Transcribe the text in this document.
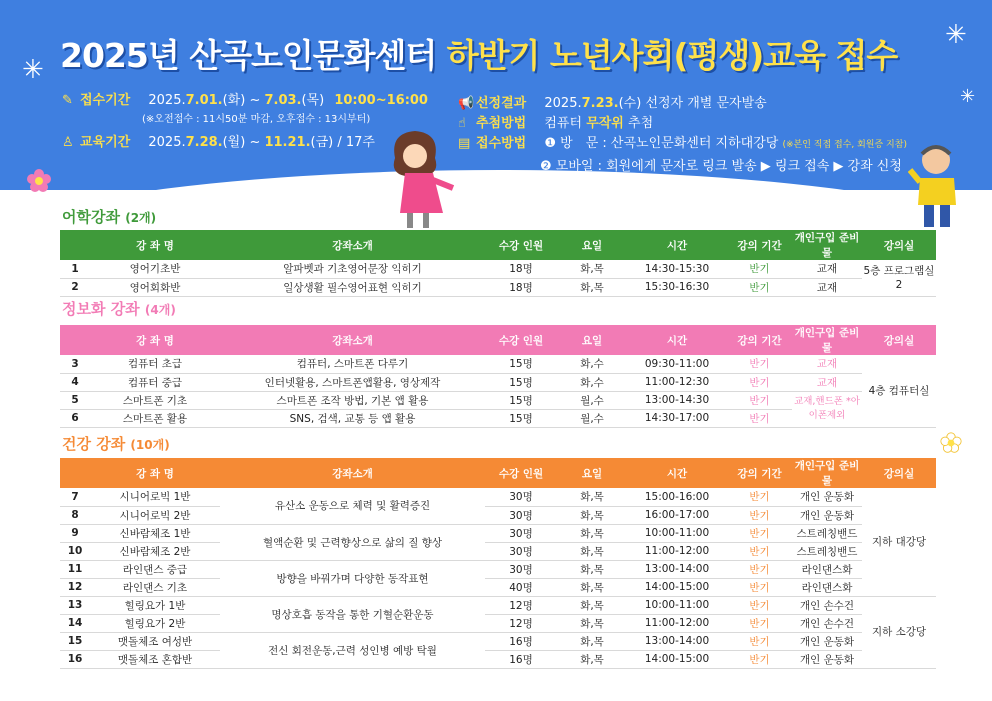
✳
✳
✳
2025년 산곡노인문화센터 하반기 노년사회(평생)교육 접수
✎ 접수기간 2025.7.01.(화) ~ 7.03.(목) 10:00~16:00
(※오전접수 : 11시50분 마감, 오후접수 : 13시부터)
♙ 교육기간 2025.7.28.(월) ~ 11.21.(금) / 17주
📢 선정결과 2025.7.23.(수) 선정자 개별 문자발송
☝ 추첨방법 컴퓨터 무작위 추첨
▤ 접수방법 ❶ 방　문 : 산곡노인문화센터 지하대강당 (※본인 직접 접수, 회원증 지참)
❷ 모바일 : 회원에게 문자로 링크 발송 ▶ 링크 접속 ▶ 강좌 신청
어학강좌 (2개)
	강 좌 명	강좌소개	수강 인원	요일	시간	강의 기간	개인구입 준비물	강의실
1	영어기초반	알파벳과 기초영어문장 익히기	18명	화,목	14:30-15:30	반기	교재	5층 프로그램실 2
2	영어회화반	일상생활 필수영어표현 익히기	18명	화,목	15:30-16:30	반기	교재	
정보화 강좌 (4개)
	강 좌 명	강좌소개	수강 인원	요일	시간	강의 기간	개인구입 준비물	강의실
3	컴퓨터 초급	컴퓨터, 스마트폰 다루기	15명	화,수	09:30-11:00	반기	교재	4층 컴퓨터실
4	컴퓨터 중급	인터넷활용, 스마트폰앱활용, 영상제작	15명	화,수	11:00-12:30	반기	교재	
5	스마트폰 기초	스마트폰 조작 방법, 기본 앱 활용	15명	월,수	13:00-14:30	반기	교재,핸드폰 *아이폰제외	
6	스마트폰 활용	SNS, 검색, 교통 등 앱 활용	15명	월,수	14:30-17:00	반기		
건강 강좌 (10개)
	강 좌 명	강좌소개	수강 인원	요일	시간	강의 기간	개인구입 준비물	강의실
7	시니어로빅 1반	유산소 운동으로 체력 및 활력증진	30명	화,목	15:00-16:00	반기	개인 운동화	지하 대강당
8	시니어로빅 2반		30명	화,목	16:00-17:00	반기	개인 운동화	
9	신바람체조 1반	혈액순환 및 근력향상으로 삶의 질 향상	30명	화,목	10:00-11:00	반기	스트레칭밴드	
10	신바람체조 2반		30명	화,목	11:00-12:00	반기	스트레칭밴드	
11	라인댄스 중급	방향을 바꿔가며 다양한 동작표현	30명	화,목	13:00-14:00	반기	라인댄스화	
12	라인댄스 기초		40명	화,목	14:00-15:00	반기	라인댄스화	
13	힐링요가 1반	명상호흡 동작을 통한 기혈순환운동	12명	화,목	10:00-11:00	반기	개인 손수건	지하 소강당
14	힐링요가 2반		12명	화,목	11:00-12:00	반기	개인 손수건	
15	맷돌체조 여성반	전신 회전운동,근력 성인병 예방 탁월	16명	화,목	13:00-14:00	반기	개인 운동화	
16	맷돌체조 혼합반		16명	화,목	14:00-15:00	반기	개인 운동화	
